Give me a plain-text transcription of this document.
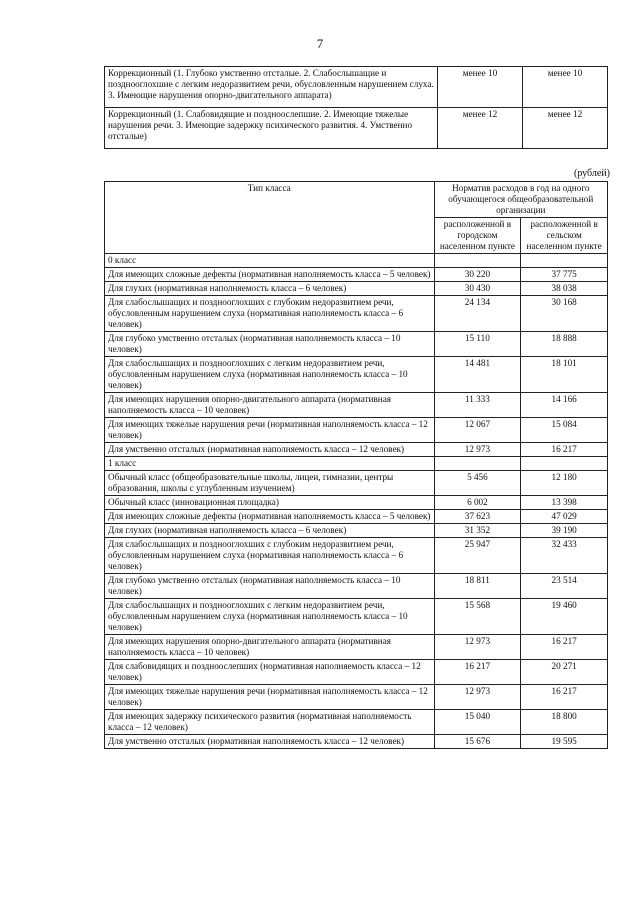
7
Коррекционный (1. Глубоко умственно отсталые. 2. Слабослышащие и позднооглохшие с легким недоразвитием речи, обусловленным нарушением слуха. 3. Имеющие нарушения опорно-двигательного аппарата)	менее 10	менее 10
Коррекционный (1. Слабовидящие и поздноослепшие. 2. Имеющие тяжелые нарушения речи. 3. Имеющие задержку психического развития. 4. Умственно отсталые)	менее 12	менее 12
(рублей)
Тип класса	Норматив расходов в год на одного обучающегося общеобразовательной организации	
	расположенной в городском населенном пункте	расположенной в сельском населенном пункте
0 класс		
Для имеющих сложные дефекты (нормативная наполняемость класса – 5 человек)	30 220	37 775
Для глухих (нормативная наполняемость класса – 6 человек)	30 430	38 038
Для слабослышащих и позднооглохших с глубоким недоразвитием речи, обусловленным нарушением слуха (нормативная наполняемость класса – 6 человек)	24 134	30 168
Для глубоко умственно отсталых (нормативная наполняемость класса – 10 человек)	15 110	18 888
Для слабослышащих и позднооглохших с легким недоразвитием речи, обусловленным нарушением слуха (нормативная наполняемость класса – 10 человек)	14 481	18 101
Для имеющих нарушения опорно-двигательного аппарата (нормативная наполняемость класса – 10 человек)	11 333	14 166
Для имеющих тяжелые нарушения речи (нормативная наполняемость класса – 12 человек)	12 067	15 084
Для умственно отсталых (нормативная наполняемость класса – 12 человек)	12 973	16 217
1 класс		
Обычный класс (общеобразовательные школы, лицеи, гимназии, центры образования, школы с углубленным изучением)	5 456	12 180
Обычный класс (инновационная площадка)	6 002	13 398
Для имеющих сложные дефекты (нормативная наполняемость класса – 5 человек)	37 623	47 029
Для глухих (нормативная наполняемость класса – 6 человек)	31 352	39 190
Для слабослышащих и позднооглохших с глубоким недоразвитием речи, обусловленным нарушением слуха (нормативная наполняемость класса – 6 человек)	25 947	32 433
Для глубоко умственно отсталых (нормативная наполняемость класса – 10 человек)	18 811	23 514
Для слабослышащих и позднооглохших с легким недоразвитием речи, обусловленным нарушением слуха (нормативная наполняемость класса – 10 человек)	15 568	19 460
Для имеющих нарушения опорно-двигательного аппарата (нормативная наполняемость класса – 10 человек)	12 973	16 217
Для слабовидящих и поздноослепших (нормативная наполняемость класса – 12 человек)	16 217	20 271
Для имеющих тяжелые нарушения речи (нормативная наполняемость класса – 12 человек)	12 973	16 217
Для имеющих задержку психического развития (нормативная наполняемость класса – 12 человек)	15 040	18 800
Для умственно отсталых (нормативная наполняемость класса – 12 человек)	15 676	19 595
